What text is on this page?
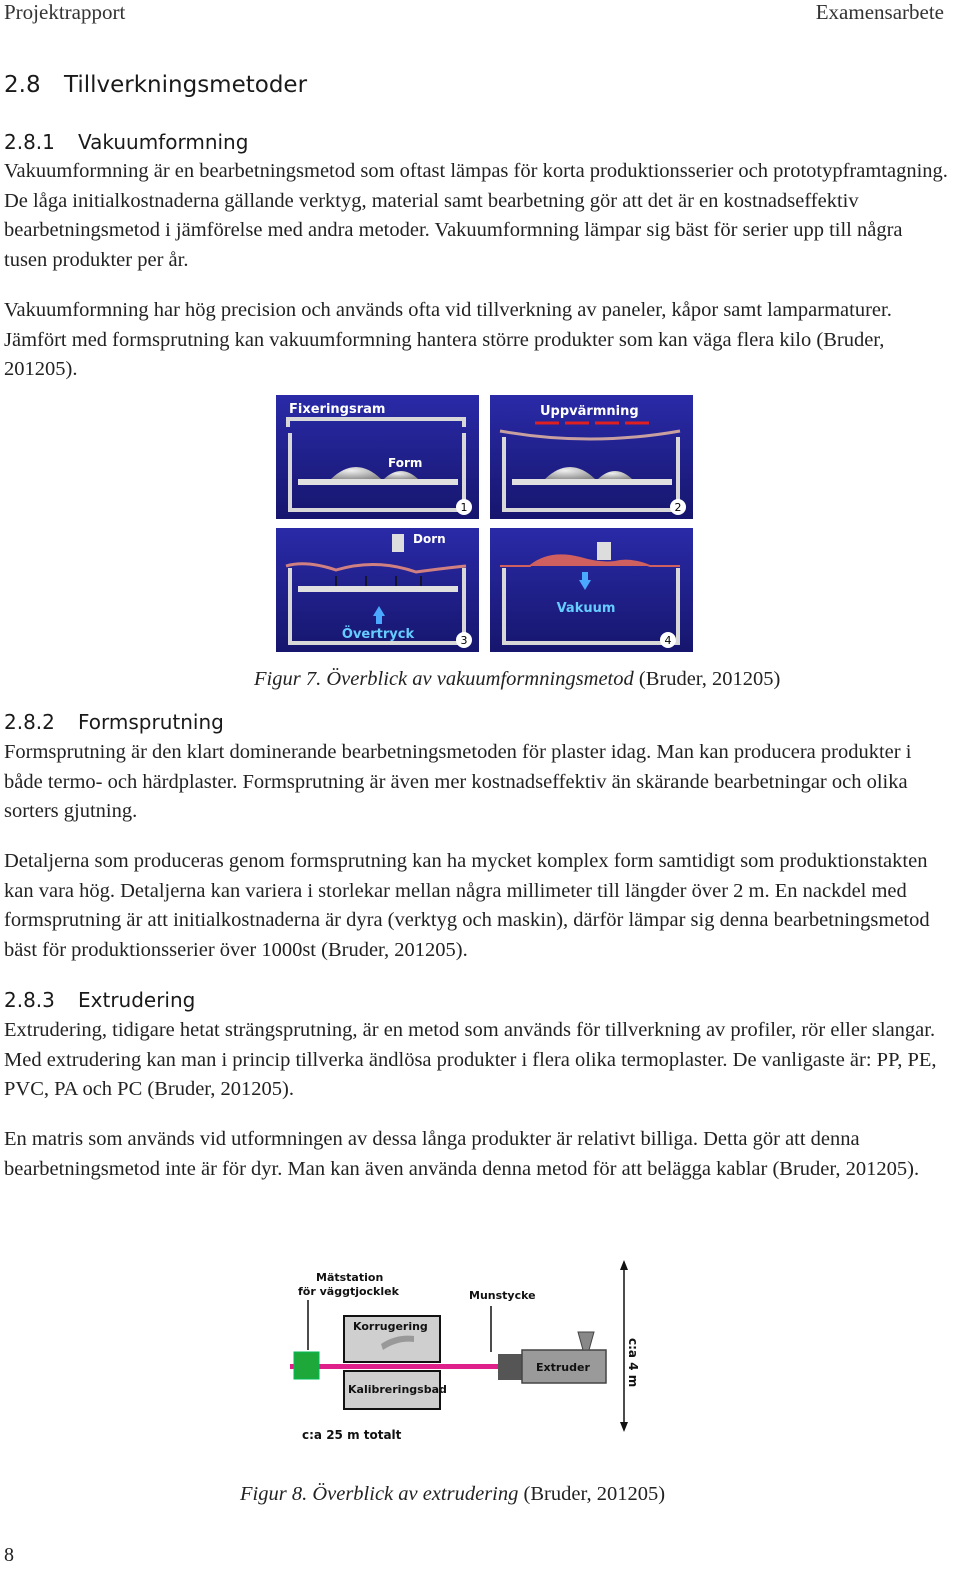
Projektrapport	Examensarbete
2.8 Tillverkningsmetoder
2.8.1 Vakuumformning

Vakuumformning är en bearbetningsmetod som oftast lämpas för korta produktionsserier och prototypframtagning. De låga initialkostnaderna gällande verktyg, material samt bearbetning gör att det är en kostnadseffektiv bearbetningsmetod i jämförelse med andra metoder. Vakuumformning lämpar sig bäst för serier upp till några tusen produkter per år.

Vakuumformning har hög precision och används ofta vid tillverkning av paneler, kåpor samt lamparmaturer. Jämfört med formsprutning kan vakuumformning hantera större produkter som kan väga flera kilo (Bruder, 201205).

Fixeringsram
Form
1
Uppvärmning
2
Dorn
Övertryck	3
Vakuum
4
Figur 7. Överblick av vakuumformningsmetod (Bruder, 201205)
2.8.2 Formsprutning

Formsprutning är den klart dominerande bearbetningsmetoden för plaster idag. Man kan producera produkter i både termo- och härdplaster. Formsprutning är även mer kostnadseffektiv än skärande bearbetningar och olika sorters gjutning.

Detaljerna som produceras genom formsprutning kan ha mycket komplex form samtidigt som produktionstakten kan vara hög. Detaljerna kan variera i storlekar mellan några millimeter till längder över 2 m. En nackdel med formsprutning är att initialkostnaderna är dyra (verktyg och maskin), därför lämpar sig denna bearbetningsmetod bäst för produktionsserier över 1000st (Bruder, 201205).

2.8.3 Extrudering

Extrudering, tidigare hetat strängsprutning, är en metod som används för tillverkning av profiler, rör eller slangar. Med extrudering kan man i princip tillverka ändlösa produkter i flera olika termoplaster. De vanligaste är: PP, PE, PVC, PA och PC (Bruder, 201205).

En matris som används vid utformningen av dessa långa produkter är relativt billiga. Detta gör att denna bearbetningsmetod inte är för dyr. Man kan även använda denna metod för att belägga kablar (Bruder, 201205).

Mätstation
för väggtjocklek	Munstycke
Korrugering
Kalibreringsbad
Extruder	c:a 4 m
c:a 25 m totalt
Figur 8. Överblick av extrudering (Bruder, 201205)
8
